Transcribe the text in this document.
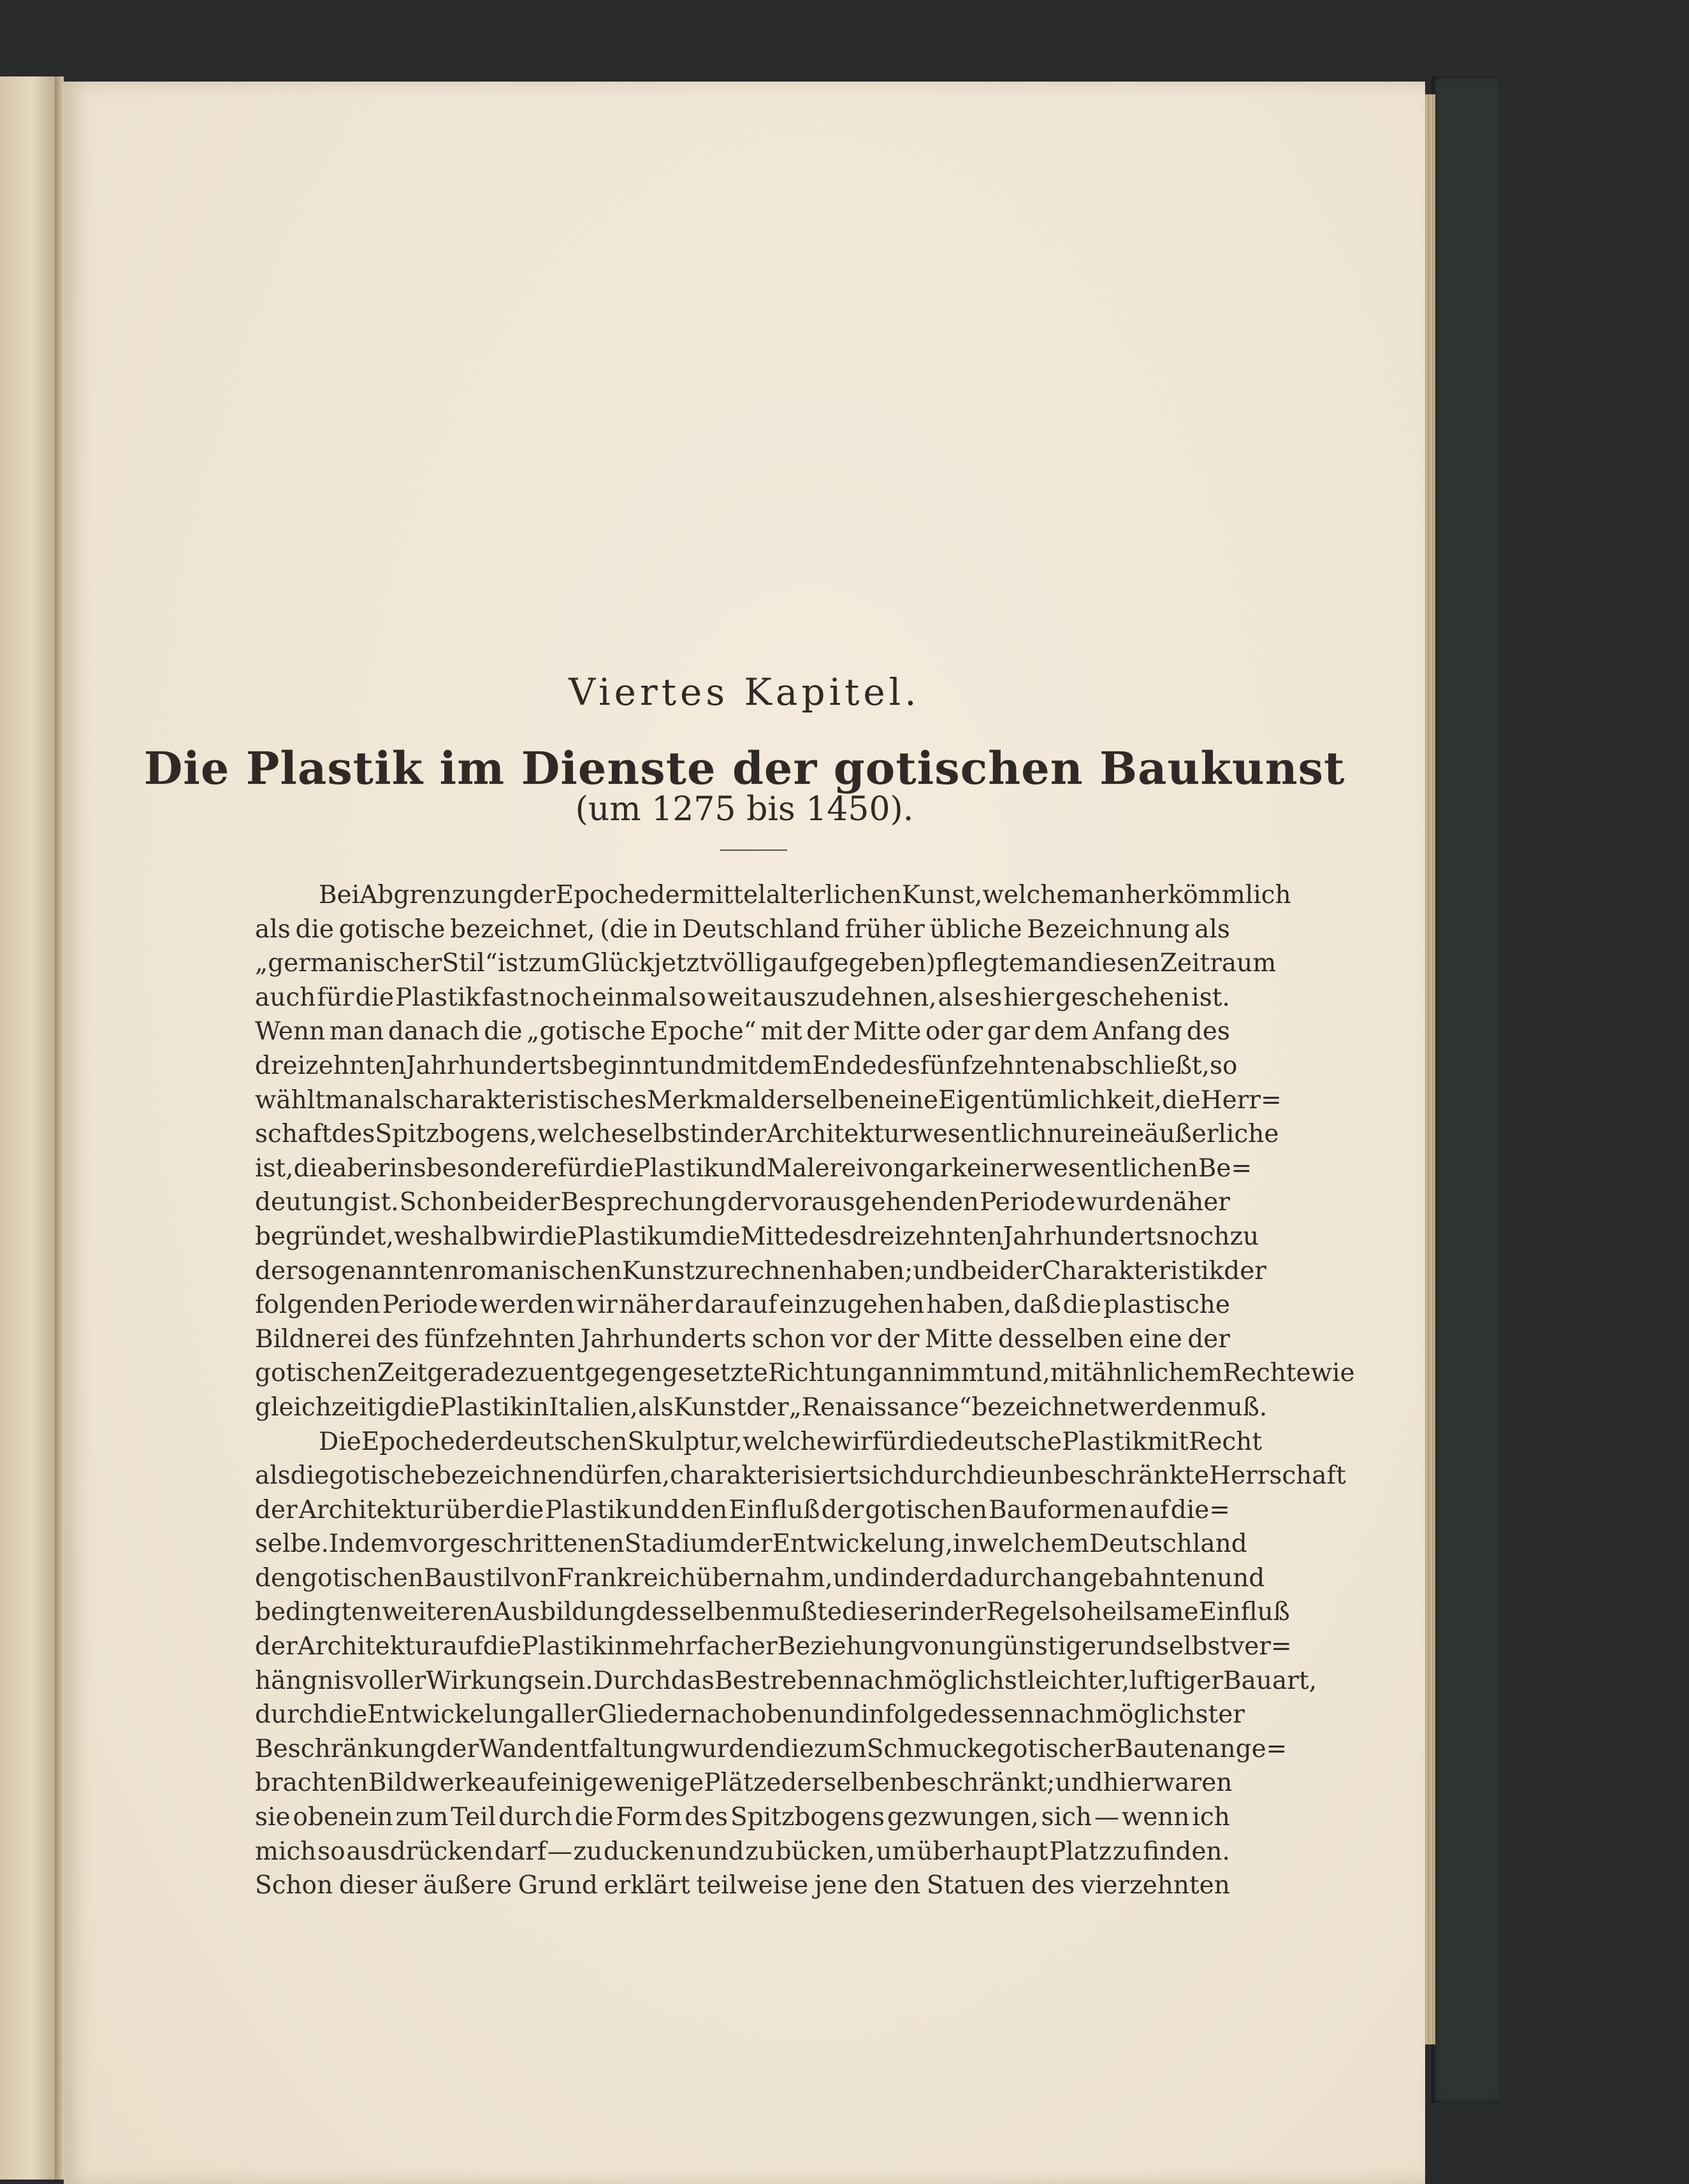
Viertes Kapitel.
Die Plastik im Dienste der gotischen Baukunst
(um 1275 bis 1450).
Bei Abgrenzung der Epoche der mittelalterlichen Kunst, welche man herkömmlich
als die gotische bezeichnet, (die in Deutschland früher übliche Bezeichnung als
„germanischer Stil“ ist zum Glück jetzt völlig aufgegeben) pflegte man diesen Zeitraum
auch für die Plastik fast noch einmal so weit auszudehnen, als es hier geschehen ist.
Wenn man danach die „gotische Epoche“ mit der Mitte oder gar dem Anfang des
dreizehnten Jahrhunderts beginnt und mit dem Ende des fünfzehnten abschließt, so
wählt man als charakteristisches Merkmal derselben eine Eigentümlichkeit, die Herr=
schaft des Spitzbogens, welche selbst in der Architektur wesentlich nur eine äußerliche
ist, die aber insbesondere für die Plastik und Malerei von gar keiner wesentlichen Be=
deutung ist. Schon bei der Besprechung der vorausgehenden Periode wurde näher
begründet, weshalb wir die Plastik um die Mitte des dreizehnten Jahrhunderts noch zu
der sogenannten romanischen Kunst zu rechnen haben; und bei der Charakteristik der
folgenden Periode werden wir näher darauf einzugehen haben, daß die plastische
Bildnerei des fünfzehnten Jahrhunderts schon vor der Mitte desselben eine der
gotischen Zeit geradezu entgegengesetzte Richtung annimmt und, mit ähnlichem Rechte wie
gleichzeitig die Plastik in Italien, als Kunst der „Renaissance“ bezeichnet werden muß.
Die Epoche der deutschen Skulptur, welche wir für die deutsche Plastik mit Recht
als die gotische bezeichnen dürfen, charakterisiert sich durch die unbeschränkte Herrschaft
der Architektur über die Plastik und den Einfluß der gotischen Bauformen auf die=
selbe. In dem vorgeschrittenen Stadium der Entwickelung, in welchem Deutschland
den gotischen Baustil von Frankreich übernahm, und in der dadurch angebahnten und
bedingten weiteren Ausbildung desselben mußte dieser in der Regel so heilsame Einfluß
der Architektur auf die Plastik in mehrfacher Beziehung von ungünstiger und selbst ver=
hängnisvoller Wirkung sein. Durch das Bestreben nach möglichst leichter, luftiger Bauart,
durch die Entwickelung aller Glieder nach oben und infolgedessen nach möglichster
Beschränkung der Wandentfaltung wurden die zum Schmucke gotischer Bauten ange=
brachten Bildwerke auf einige wenige Plätze derselben beschränkt; und hier waren
sie obenein zum Teil durch die Form des Spitzbogens gezwungen, sich — wenn ich
mich so ausdrücken darf — zu ducken und zu bücken, um überhaupt Platz zu finden.
Schon dieser äußere Grund erklärt teilweise jene den Statuen des vierzehnten
